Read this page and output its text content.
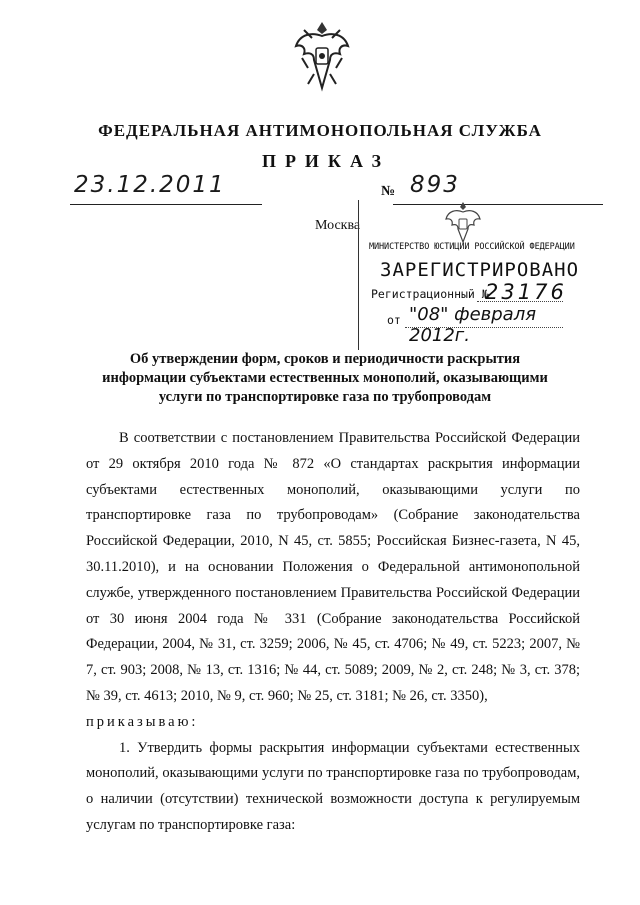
ФЕДЕРАЛЬНАЯ АНТИМОНОПОЛЬНАЯ СЛУЖБА
ПРИКАЗ
23.12.2011	№ 893
Москва
МИНИСТЕРСТВО ЮСТИЦИИ РОССИЙСКОЙ ФЕДЕРАЦИИ
ЗАРЕГИСТРИРОВАНО
Регистрационный №
23176
от "08" февраля 2012г.
Об утверждении форм, сроков и периодичности раскрытия информации субъектами естественных монополий, оказывающими услуги по транспортировке газа по трубопроводам

В соответствии с постановлением Правительства Российской Федерации от 29 октября 2010 года № 872 «О стандартах раскрытия информации субъектами естественных монополий, оказывающими услуги по транспортировке газа по трубопроводам» (Собрание законодательства Российской Федерации, 2010, N 45, ст. 5855; Российская Бизнес-газета, N 45, 30.11.2010), и на основании Положения о Федеральной антимонопольной службе, утвержденного постановлением Правительства Российской Федерации от 30 июня 2004 года № 331 (Собрание законодательства Российской Федерации, 2004, № 31, ст. 3259; 2006, № 45, ст. 4706; № 49, ст. 5223; 2007, № 7, ст. 903; 2008, № 13, ст. 1316; № 44, ст. 5089; 2009, № 2, ст. 248; № 3, ст. 378; № 39, ст. 4613; 2010, № 9, ст. 960; № 25, ст. 3181; № 26, ст. 3350),

приказываю:

1. Утвердить формы раскрытия информации субъектами естественных монополий, оказывающими услуги по транспортировке газа по трубопроводам, о наличии (отсутствии) технической возможности доступа к регулируемым услугам по транспортировке газа:
